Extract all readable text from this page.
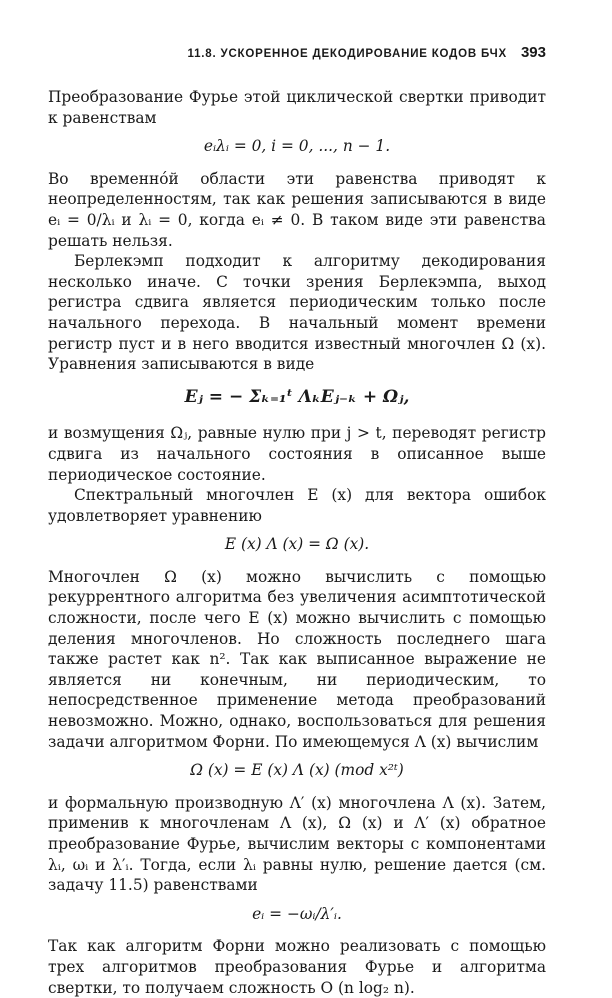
11.8. УСКОРЕННОЕ ДЕКОДИРОВАНИЕ КОДОВ БЧХ 393

Преобразование Фурье этой циклической свертки приводит к равенствам

eᵢλᵢ = 0, i = 0, ..., n − 1.

Во временнóй области эти равенства приводят к неопределенностям, так как решения записываются в виде eᵢ = 0/λᵢ и λᵢ = 0, когда eᵢ ≠ 0. В таком виде эти равенства решать нельзя.

Берлекэмп подходит к алгоритму декодирования несколько иначе. С точки зрения Берлекэмпа, выход регистра сдвига является периодическим только после начального перехода. В начальный момент времени регистр пуст и в него вводится известный многочлен Ω (x). Уравнения записываются в виде

Eⱼ = − Σₖ₌₁ᵗ ΛₖEⱼ₋ₖ + Ωⱼ,

и возмущения Ωⱼ, равные нулю при j > t, переводят регистр сдвига из начального состояния в описанное выше периодическое состояние.

Спектральный многочлен E (x) для вектора ошибок удовлетворяет уравнению

E (x) Λ (x) = Ω (x).

Многочлен Ω (x) можно вычислить с помощью рекуррентного алгоритма без увеличения асимптотической сложности, после чего E (x) можно вычислить с помощью деления многочленов. Но сложность последнего шага также растет как n². Так как выписанное выражение не является ни конечным, ни периодическим, то непосредственное применение метода преобразований невозможно. Можно, однако, воспользоваться для решения задачи алгоритмом Форни. По имеющемуся Λ (x) вычислим

Ω (x) = E (x) Λ (x) (mod x²ᵗ)

и формальную производную Λ′ (x) многочлена Λ (x). Затем, применив к многочленам Λ (x), Ω (x) и Λ′ (x) обратное преобразование Фурье, вычислим векторы с компонентами λᵢ, ωᵢ и λ′ᵢ. Тогда, если λᵢ равны нулю, решение дается (см. задачу 11.5) равенствами

eᵢ = −ωᵢ/λ′ᵢ.

Так как алгоритм Форни можно реализовать с помощью трех алгоритмов преобразования Фурье и алгоритма свертки, то получаем сложность O (n log₂ n).
